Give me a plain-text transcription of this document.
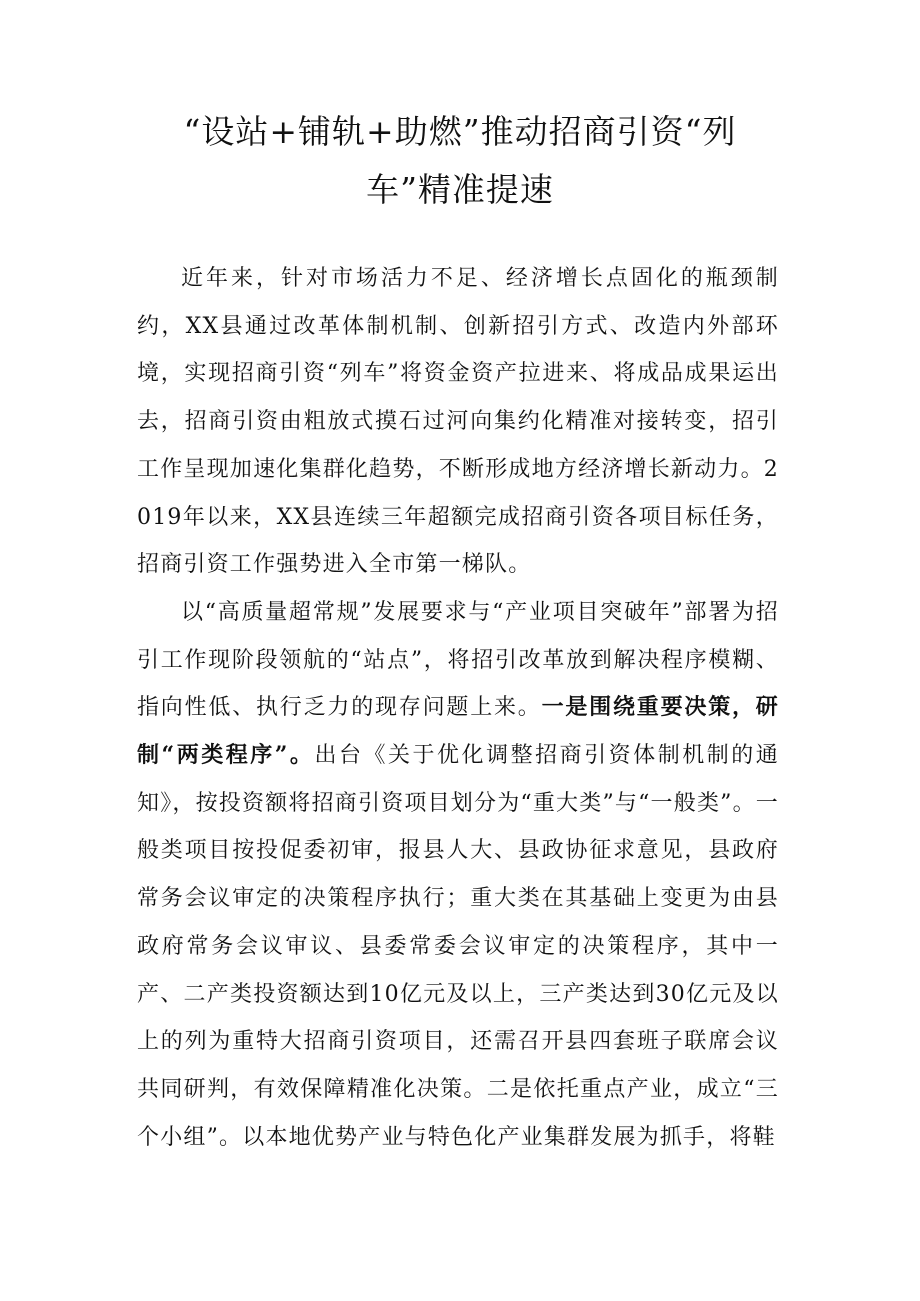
“设站+铺轨+助燃”推动招商引资“列
车”精准提速

近年来，针对市场活力不足、经济增长点固化的瓶颈制约，XX县通过改革体制机制、创新招引方式、改造内外部环境，实现招商引资“列车”将资金资产拉进来、将成品成果运出去，招商引资由粗放式摸石过河向集约化精准对接转变，招引工作呈现加速化集群化趋势，不断形成地方经济增长新动力。2019年以来，XX县连续三年超额完成招商引资各项目标任务，招商引资工作强势进入全市第一梯队。

以“高质量超常规”发展要求与“产业项目突破年”部署为招引工作现阶段领航的“站点”，将招引改革放到解决程序模糊、指向性低、执行乏力的现存问题上来。一是围绕重要决策，研制“两类程序”。出台《关于优化调整招商引资体制机制的通知》，按投资额将招商引资项目划分为“重大类”与“一般类”。一般类项目按投促委初审，报县人大、县政协征求意见，县政府常务会议审定的决策程序执行；重大类在其基础上变更为由县政府常务会议审议、县委常委会议审定的决策程序，其中一产、二产类投资额达到10亿元及以上，三产类达到30亿元及以上的列为重特大招商引资项目，还需召开县四套班子联席会议共同研判，有效保障精准化决策。二是依托重点产业，成立“三个小组”。以本地优势产业与特色化产业集群发展为抓手，将鞋
